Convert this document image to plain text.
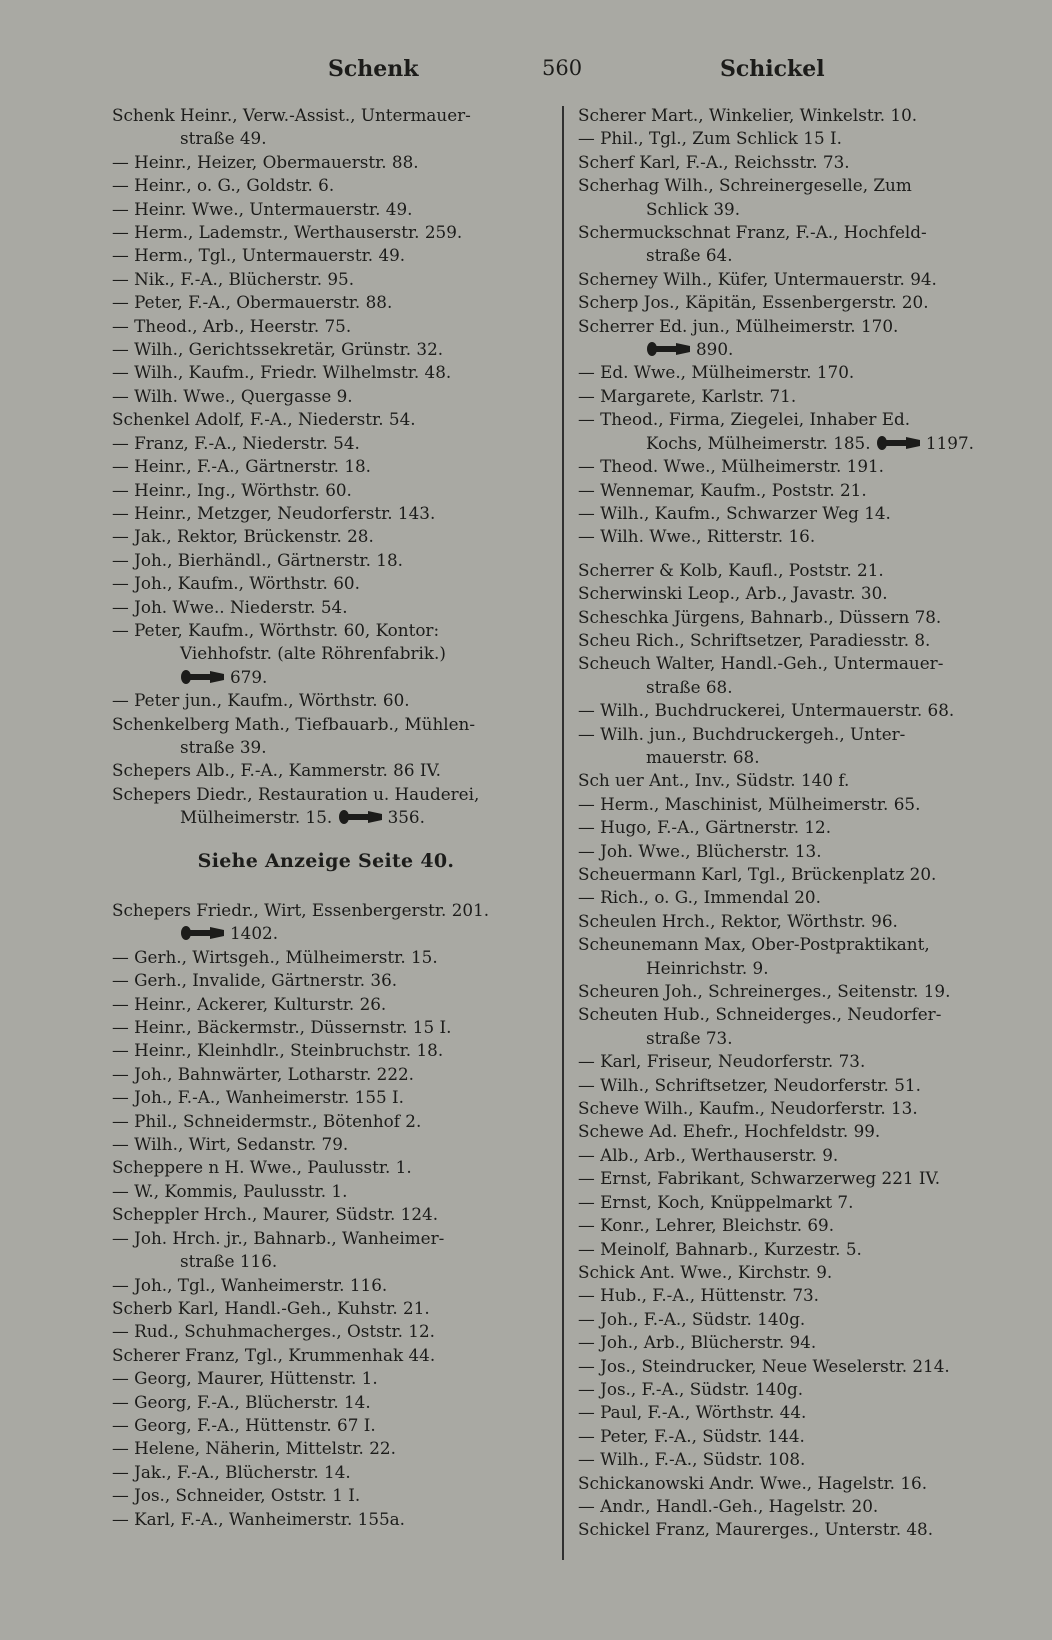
Schenk	560	Schickel
Schenk Heinr., Verw.-Assist., Untermauer-
straße 49.
— Heinr., Heizer, Obermauerstr. 88.
— Heinr., o. G., Goldstr. 6.
— Heinr. Wwe., Untermauerstr. 49.
— Herm., Lademstr., Werthauserstr. 259.
— Herm., Tgl., Untermauerstr. 49.
— Nik., F.-A., Blücherstr. 95.
— Peter, F.-A., Obermauerstr. 88.
— Theod., Arb., Heerstr. 75.
— Wilh., Gerichtssekretär, Grünstr. 32.
— Wilh., Kaufm., Friedr. Wilhelmstr. 48.
— Wilh. Wwe., Quergasse 9.
Schenkel Adolf, F.-A., Niederstr. 54.
— Franz, F.-A., Niederstr. 54.
— Heinr., F.-A., Gärtnerstr. 18.
— Heinr., Ing., Wörthstr. 60.
— Heinr., Metzger, Neudorferstr. 143.
— Jak., Rektor, Brückenstr. 28.
— Joh., Bierhändl., Gärtnerstr. 18.
— Joh., Kaufm., Wörthstr. 60.
— Joh. Wwe.. Niederstr. 54.
— Peter, Kaufm., Wörthstr. 60, Kontor:
Viehhofstr. (alte Röhrenfabrik.)
679.
— Peter jun., Kaufm., Wörthstr. 60.
Schenkelberg Math., Tiefbauarb., Mühlen-
straße 39.
Schepers Alb., F.-A., Kammerstr. 86 IV.
Schepers Diedr., Restauration u. Hauderei,
Mülheimerstr. 15.	356.
Siehe Anzeige Seite 40.
Schepers Friedr., Wirt, Essenbergerstr. 201.
1402.
— Gerh., Wirtsgeh., Mülheimerstr. 15.
— Gerh., Invalide, Gärtnerstr. 36.
— Heinr., Ackerer, Kulturstr. 26.
— Heinr., Bäckermstr., Düssernstr. 15 I.
— Heinr., Kleinhdlr., Steinbruchstr. 18.
— Joh., Bahnwärter, Lotharstr. 222.
— Joh., F.-A., Wanheimerstr. 155 I.
— Phil., Schneidermstr., Bötenhof 2.
— Wilh., Wirt, Sedanstr. 79.
Scheppere n H. Wwe., Paulusstr. 1.
— W., Kommis, Paulusstr. 1.
Scheppler Hrch., Maurer, Südstr. 124.
— Joh. Hrch. jr., Bahnarb., Wanheimer-
straße 116.
— Joh., Tgl., Wanheimerstr. 116.
Scherb Karl, Handl.-Geh., Kuhstr. 21.
— Rud., Schuhmacherges., Oststr. 12.
Scherer Franz, Tgl., Krummenhak 44.
— Georg, Maurer, Hüttenstr. 1.
— Georg, F.-A., Blücherstr. 14.
— Georg, F.-A., Hüttenstr. 67 I.
— Helene, Näherin, Mittelstr. 22.
— Jak., F.-A., Blücherstr. 14.
— Jos., Schneider, Oststr. 1 I.
— Karl, F.-A., Wanheimerstr. 155a.
Scherer Mart., Winkelier, Winkelstr. 10.
— Phil., Tgl., Zum Schlick 15 I.
Scherf Karl, F.-A., Reichsstr. 73.
Scherhag Wilh., Schreinergeselle, Zum
Schlick 39.
Schermuckschnat Franz, F.-A., Hochfeld-
straße 64.
Scherney Wilh., Küfer, Untermauerstr. 94.
Scherp Jos., Käpitän, Essenbergerstr. 20.
Scherrer Ed. jun., Mülheimerstr. 170.
890.
— Ed. Wwe., Mülheimerstr. 170.
— Margarete, Karlstr. 71.
— Theod., Firma, Ziegelei, Inhaber Ed.
Kochs, Mülheimerstr. 185.	1197.
— Theod. Wwe., Mülheimerstr. 191.
— Wennemar, Kaufm., Poststr. 21.
— Wilh., Kaufm., Schwarzer Weg 14.
— Wilh. Wwe., Ritterstr. 16.
Scherrer & Kolb, Kaufl., Poststr. 21.
Scherwinski Leop., Arb., Javastr. 30.
Scheschka Jürgens, Bahnarb., Düssern 78.
Scheu Rich., Schriftsetzer, Paradiesstr. 8.
Scheuch Walter, Handl.-Geh., Untermauer-
straße 68.
— Wilh., Buchdruckerei, Untermauerstr. 68.
— Wilh. jun., Buchdruckergeh., Unter-
mauerstr. 68.
Sch uer Ant., Inv., Südstr. 140 f.
— Herm., Maschinist, Mülheimerstr. 65.
— Hugo, F.-A., Gärtnerstr. 12.
— Joh. Wwe., Blücherstr. 13.
Scheuermann Karl, Tgl., Brückenplatz 20.
— Rich., o. G., Immendal 20.
Scheulen Hrch., Rektor, Wörthstr. 96.
Scheunemann Max, Ober-Postpraktikant,
Heinrichstr. 9.
Scheuren Joh., Schreinerges., Seitenstr. 19.
Scheuten Hub., Schneiderges., Neudorfer-
straße 73.
— Karl, Friseur, Neudorferstr. 73.
— Wilh., Schriftsetzer, Neudorferstr. 51.
Scheve Wilh., Kaufm., Neudorferstr. 13.
Schewe Ad. Ehefr., Hochfeldstr. 99.
— Alb., Arb., Werthauserstr. 9.
— Ernst, Fabrikant, Schwarzerweg 221 IV.
— Ernst, Koch, Knüppelmarkt 7.
— Konr., Lehrer, Bleichstr. 69.
— Meinolf, Bahnarb., Kurzestr. 5.
Schick Ant. Wwe., Kirchstr. 9.
— Hub., F.-A., Hüttenstr. 73.
— Joh., F.-A., Südstr. 140g.
— Joh., Arb., Blücherstr. 94.
— Jos., Steindrucker, Neue Weselerstr. 214.
— Jos., F.-A., Südstr. 140g.
— Paul, F.-A., Wörthstr. 44.
— Peter, F.-A., Südstr. 144.
— Wilh., F.-A., Südstr. 108.
Schickanowski Andr. Wwe., Hagelstr. 16.
— Andr., Handl.-Geh., Hagelstr. 20.
Schickel Franz, Maurerges., Unterstr. 48.
